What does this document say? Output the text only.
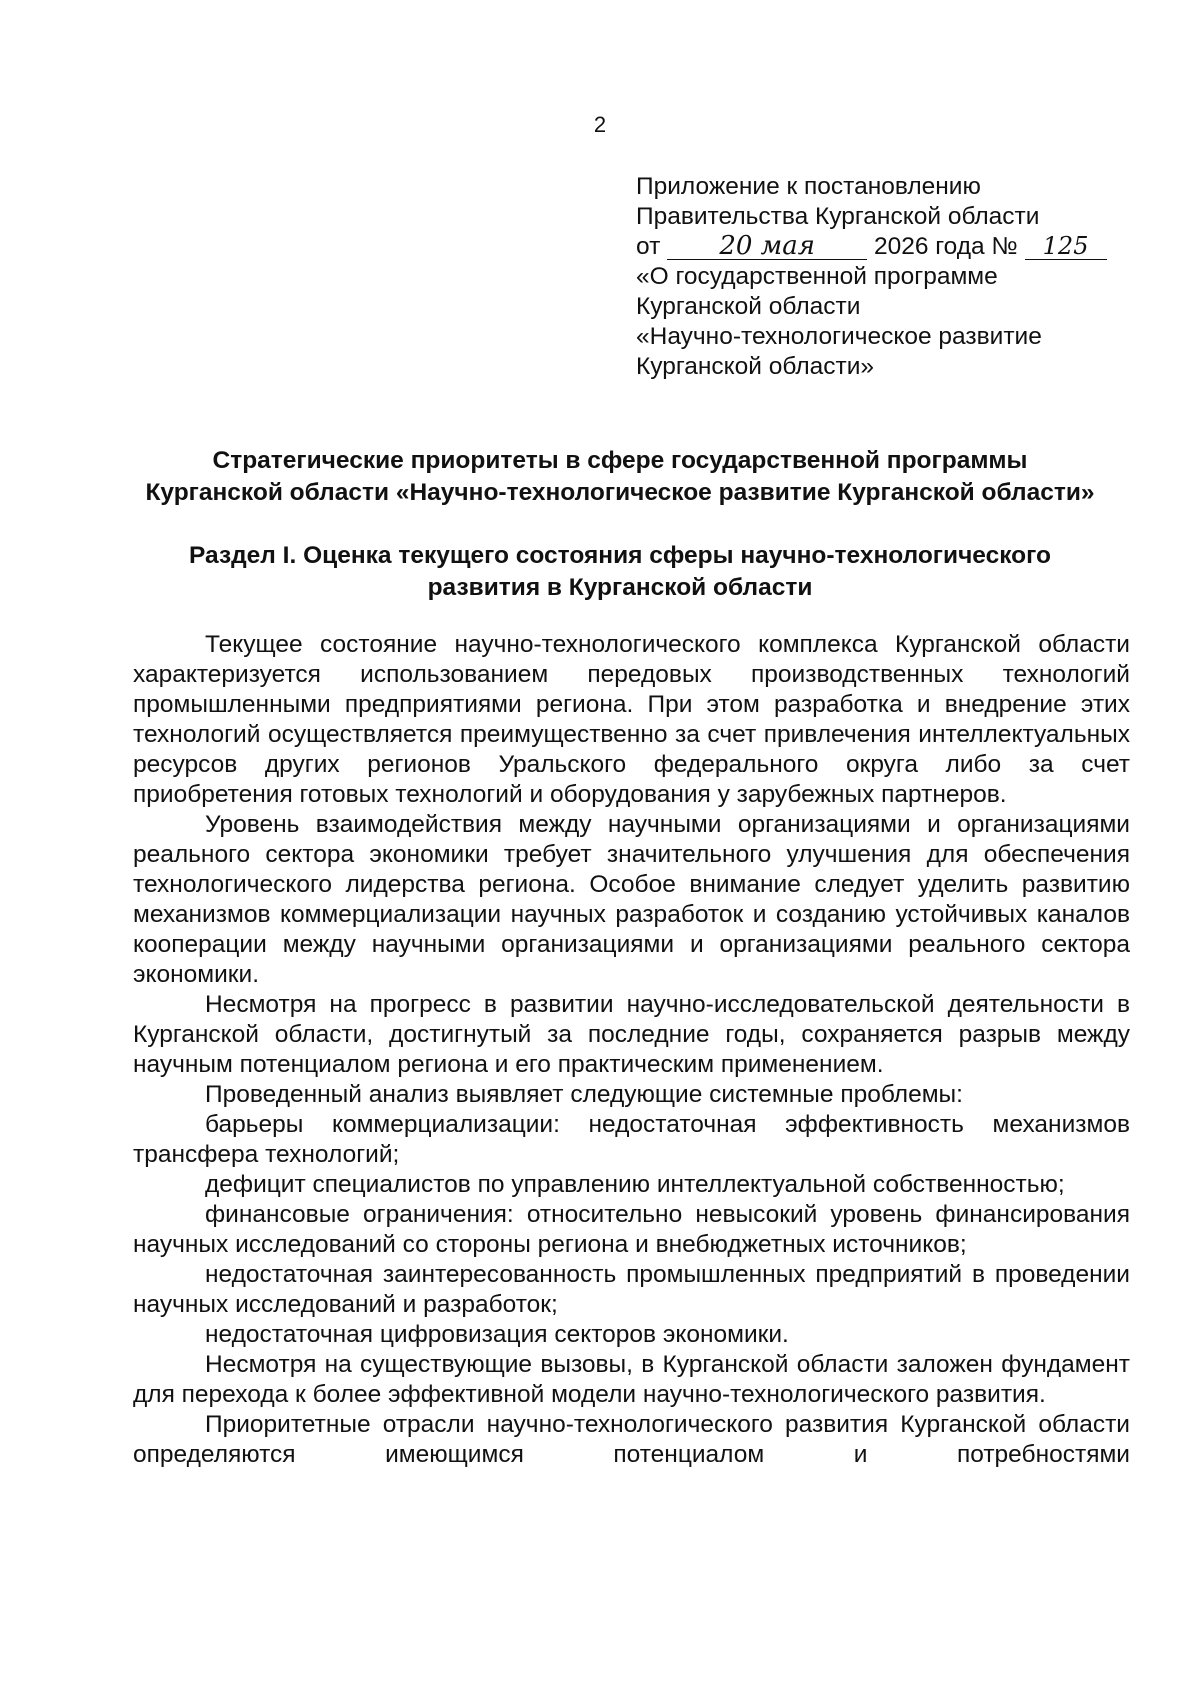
2
Приложение к постановлению
Правительства Курганской области
от 20 мая 2026 года № 125
«О государственной программе
Курганской области
«Научно-технологическое развитие
Курганской области»
Стратегические приоритеты в сфере государственной программы
Курганской области «Научно-технологическое развитие Курганской области»
Раздел I. Оценка текущего состояния сферы научно-технологического
развития в Курганской области

Текущее состояние научно-технологического комплекса Курганской области характеризуется использованием передовых производственных технологий промышленными предприятиями региона. При этом разработка и внедрение этих технологий осуществляется преимущественно за счет привлечения интеллектуальных ресурсов других регионов Уральского федерального округа либо за счет приобретения готовых технологий и оборудования у зарубежных партнеров.

Уровень взаимодействия между научными организациями и организациями реального сектора экономики требует значительного улучшения для обеспечения технологического лидерства региона. Особое внимание следует уделить развитию механизмов коммерциализации научных разработок и созданию устойчивых каналов кооперации между научными организациями и организациями реального сектора экономики.

Несмотря на прогресс в развитии научно-исследовательской деятельности в Курганской области, достигнутый за последние годы, сохраняется разрыв между научным потенциалом региона и его практическим применением.

Проведенный анализ выявляет следующие системные проблемы:

барьеры коммерциализации: недостаточная эффективность механизмов трансфера технологий;

дефицит специалистов по управлению интеллектуальной собственностью;

финансовые ограничения: относительно невысокий уровень финансирования научных исследований со стороны региона и внебюджетных источников;

недостаточная заинтересованность промышленных предприятий в проведении научных исследований и разработок;

недостаточная цифровизация секторов экономики.

Несмотря на существующие вызовы, в Курганской области заложен фундамент для перехода к более эффективной модели научно-технологического развития.

Приоритетные отрасли научно-технологического развития Курганской области определяются имеющимся потенциалом и потребностями
